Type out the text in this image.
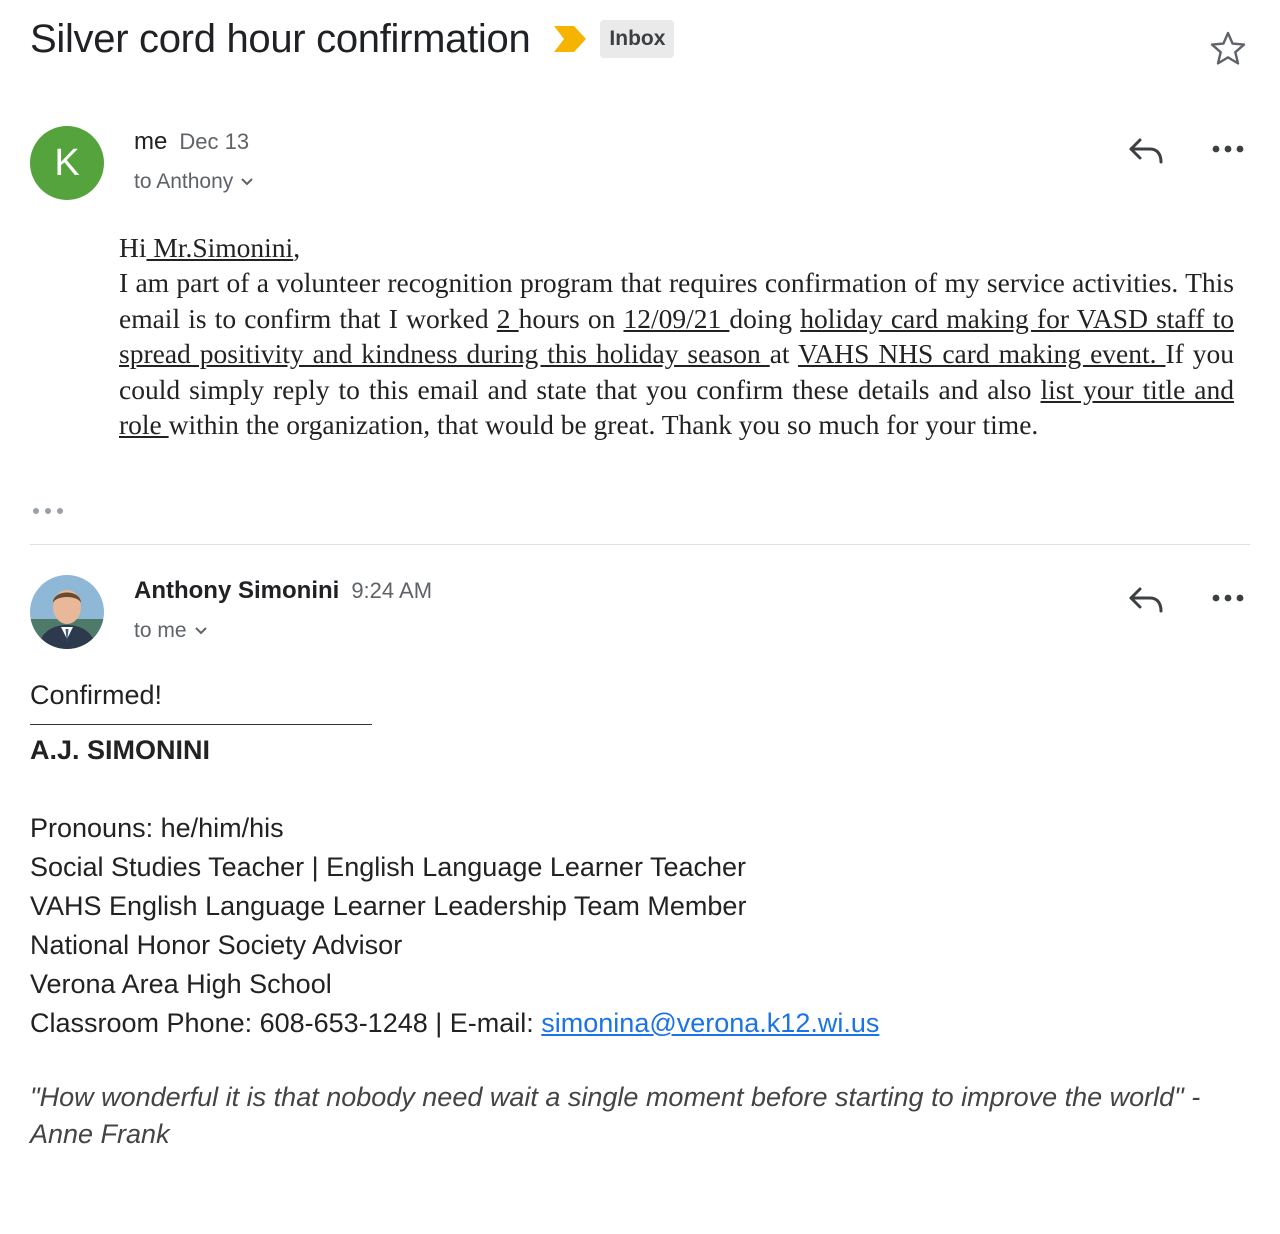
Silver cord hour confirmation	Inbox
K me Dec 13
to Anthony
Hi Mr.Simonini,
I am part of a volunteer recognition program that requires confirmation of my service activities. This email is to confirm that I worked 2 hours on 12/09/21 doing holiday card making for VASD staff to spread positivity and kindness during this holiday season at VAHS NHS card making event. If you could simply reply to this email and state that you confirm these details and also list your title and role within the organization, that would be great. Thank you so much for your time.
Anthony Simonini 9:24 AM
to me
Confirmed!
A.J. SIMONINI
Pronouns: he/him/his
Social Studies Teacher | English Language Learner Teacher
VAHS English Language Learner Leadership Team Member
National Honor Society Advisor
Verona Area High School
Classroom Phone: 608-653-1248 | E-mail: simonina@verona.k12.wi.us
"How wonderful it is that nobody need wait a single moment before starting to improve the world" - Anne Frank
